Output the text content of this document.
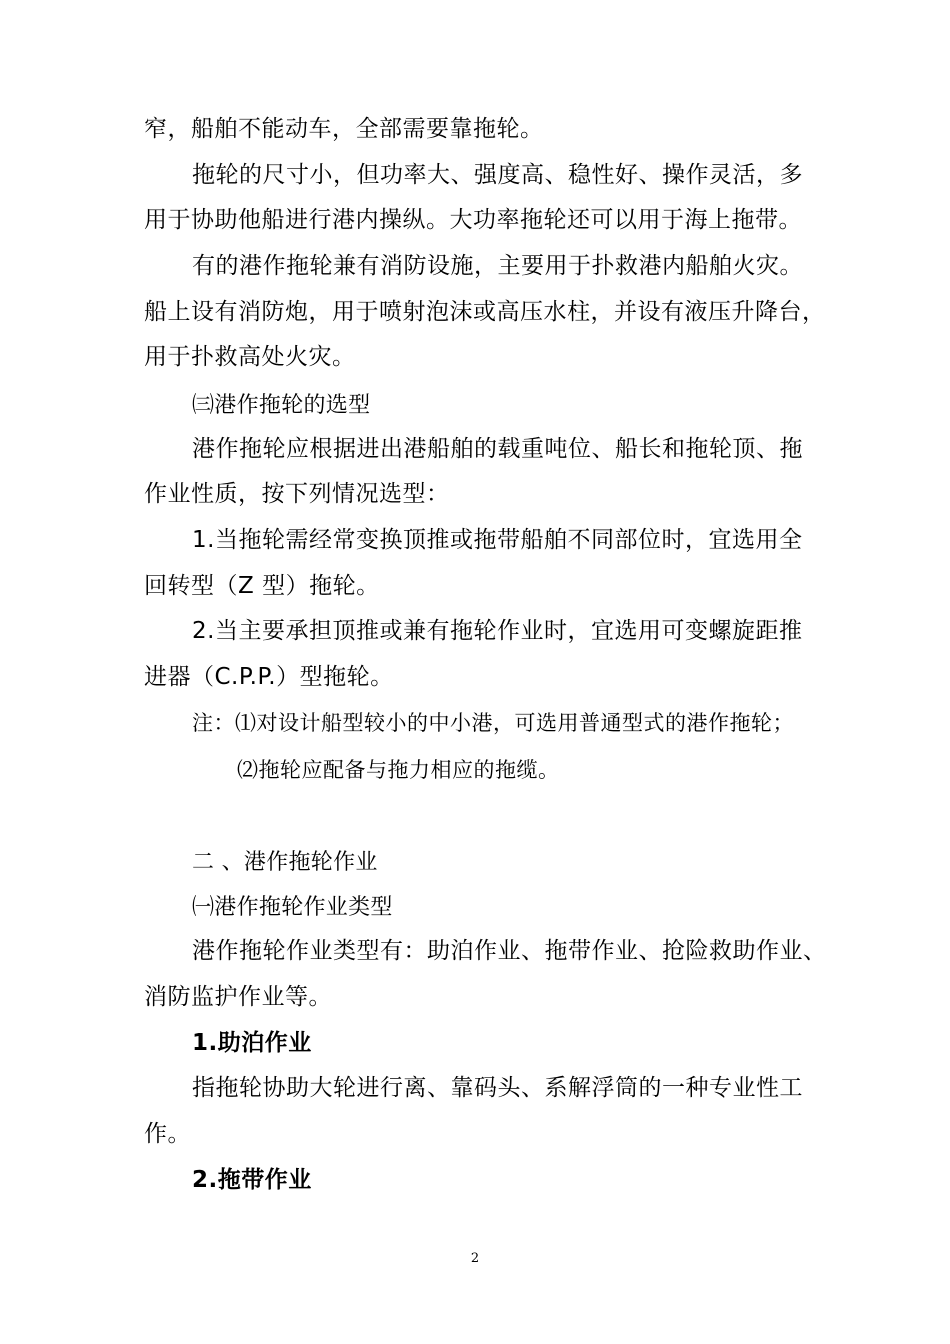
窄，船舶不能动车，全部需要靠拖轮。
拖轮的尺寸小，但功率大、强度高、稳性好、操作灵活，多
用于协助他船进行港内操纵。大功率拖轮还可以用于海上拖带。
有的港作拖轮兼有消防设施，主要用于扑救港内船舶火灾。
船上设有消防炮，用于喷射泡沫或高压水柱，并设有液压升降台，
用于扑救高处火灾。
㈢港作拖轮的选型
港作拖轮应根据进出港船舶的载重吨位、船长和拖轮顶、拖
作业性质，按下列情况选型：
1.当拖轮需经常变换顶推或拖带船舶不同部位时，宜选用全
回转型（Z 型）拖轮。
2.当主要承担顶推或兼有拖轮作业时，宜选用可变螺旋距推
进器（C.P.P.）型拖轮。
注：⑴对设计船型较小的中小港，可选用普通型式的港作拖轮；
⑵拖轮应配备与拖力相应的拖缆。
二 、港作拖轮作业
㈠港作拖轮作业类型
港作拖轮作业类型有：助泊作业、拖带作业、抢险救助作业、
消防监护作业等。
1.助泊作业
指拖轮协助大轮进行离、靠码头、系解浮筒的一种专业性工
作。
2.拖带作业
2
